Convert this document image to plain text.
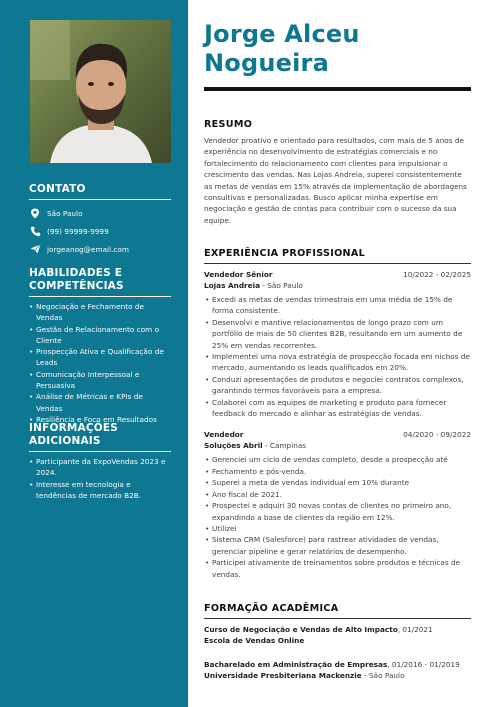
CONTATO
São Paulo
(99) 99999-9999
jorgeanog@email.com
HABILIDADES E COMPETÊNCIAS
• Negociação e Fechamento de Vendas
• Gestão de Relacionamento com o Cliente
• Prospecção Ativa e Qualificação de Leads
• Comunicação Interpessoal e Persuasiva
• Análise de Métricas e KPIs de Vendas
• Resiliência e Foco em Resultados
INFORMAÇÕES ADICIONAIS
• Participante da ExpoVendas 2023 e 2024.
• Interesse em tecnologia e tendências de mercado B2B.
Jorge Alceu
Nogueira
RESUMO
Vendedor proativo e orientado para resultados, com mais de 5 anos de experiência no desenvolvimento de estratégias comerciais e no fortalecimento do relacionamento com clientes para impulsionar o crescimento das vendas. Nas Lojas Andreia, superei consistentemente as metas de vendas em 15% através da implementação de abordagens consultivas e personalizadas. Busco aplicar minha expertise em negociação e gestão de contas para contribuir com o sucesso da sua equipe.
EXPERIÊNCIA PROFISSIONAL
Vendedor Sênior	10/2022 - 02/2025
Lojas Andreia - São Paulo
• Excedi as metas de vendas trimestrais em uma média de 15% de forma consistente.
• Desenvolvi e mantive relacionamentos de longo prazo com um portfólio de mais de 50 clientes B2B, resultando em um aumento de 25% em vendas recorrentes.
• Implementei uma nova estratégia de prospecção focada em nichos de mercado, aumentando os leads qualificados em 20%.
• Conduzi apresentações de produtos e negociei contratos complexos, garantindo termos favoráveis para a empresa.
• Colaborei com as equipes de marketing e produto para fornecer feedback do mercado e alinhar as estratégias de vendas.
Vendedor	04/2020 - 09/2022
Soluções Abril - Campinas
• Gerenciei um ciclo de vendas completo, desde a prospecção até
• Fechamento e pós-venda.
• Superei a meta de vendas individual em 10% durante
• Ano fiscal de 2021.
• Prospectei e adquiri 30 novas contas de clientes no primeiro ano, expandindo a base de clientes da região em 12%.
• Utilizei
• Sistema CRM (Salesforce) para rastrear atividades de vendas, gerenciar pipeline e gerar relatórios de desempenho.
• Participei ativamente de treinamentos sobre produtos e técnicas de vendas.
FORMAÇÃO ACADÊMICA
Curso de Negociação e Vendas de Alto Impacto, 01/2021
Escola de Vendas Online
Bacharelado em Administração de Empresas, 01/2016 - 01/2019
Universidade Presbiteriana Mackenzie - São Paulo
